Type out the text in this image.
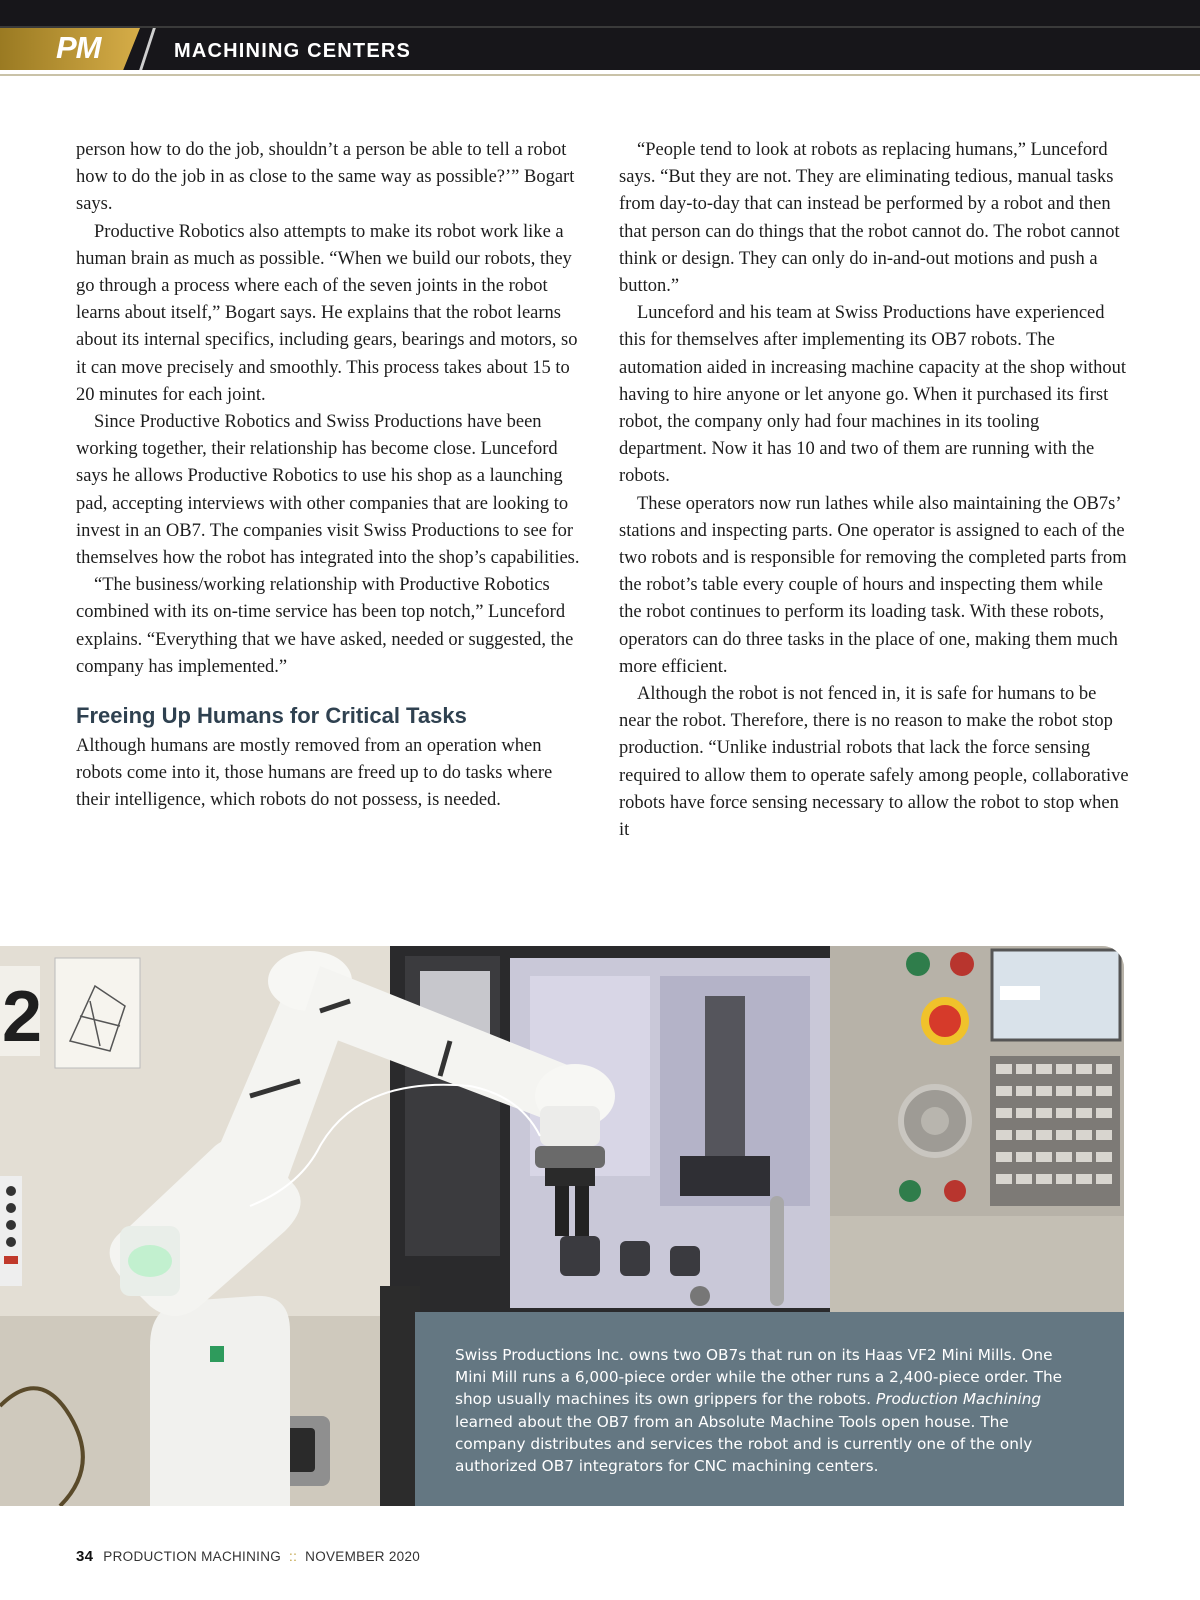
PM	MACHINING CENTERS

person how to do the job, shouldn’t a person be able to tell a robot how to do the job in as close to the same way as possible?’” Bogart says.

Productive Robotics also attempts to make its robot work like a human brain as much as possible. “When we build our robots, they go through a process where each of the seven joints in the robot learns about itself,” Bogart says. He explains that the robot learns about its internal specifics, including gears, bearings and motors, so it can move precisely and smoothly. This process takes about 15 to 20 minutes for each joint.

Since Productive Robotics and Swiss Productions have been working together, their relationship has become close. Lunceford says he allows Productive Robotics to use his shop as a launching pad, accepting interviews with other companies that are looking to invest in an OB7. The companies visit Swiss Productions to see for themselves how the robot has integrated into the shop’s capabilities.

“The business/working relationship with Productive Robotics combined with its on-time service has been top notch,” Lunceford explains. “Everything that we have asked, needed or suggested, the company has implemented.”

Freeing Up Humans for Critical Tasks

Although humans are mostly removed from an operation when robots come into it, those humans are freed up to do tasks where their intelligence, which robots do not possess, is needed.

“People tend to look at robots as replacing humans,” Lunceford says. “But they are not. They are eliminating tedious, manual tasks from day-to-day that can instead be performed by a robot and then that person can do things that the robot cannot do. The robot cannot think or design. They can only do in-and-out motions and push a button.”

Lunceford and his team at Swiss Productions have experienced this for themselves after implementing its OB7 robots. The automation aided in increasing machine capacity at the shop without having to hire anyone or let anyone go. When it purchased its first robot, the company only had four machines in its tooling department. Now it has 10 and two of them are running with the robots.

These operators now run lathes while also maintaining the OB7s’ stations and inspecting parts. One operator is assigned to each of the two robots and is responsible for removing the completed parts from the robot’s table every couple of hours and inspecting them while the robot continues to perform its loading task. With these robots, operators can do three tasks in the place of one, making them much more efficient.

Although the robot is not fenced in, it is safe for humans to be near the robot. Therefore, there is no reason to make the robot stop production. “Unlike industrial robots that lack the force sensing required to allow them to operate safely among people, collaborative robots have force sensing necessary to allow the robot to stop when it

2
Swiss Productions Inc. owns two OB7s that run on its Haas VF2 Mini Mills. One Mini Mill runs a 6,000-piece order while the other runs a 2,400-piece order. The shop usually machines its own grippers for the robots. Production Machining learned about the OB7 from an Absolute Machine Tools open house. The company distributes and services the robot and is currently one of the only authorized OB7 integrators for CNC machining centers.
34 PRODUCTION MACHINING :: NOVEMBER 2020
